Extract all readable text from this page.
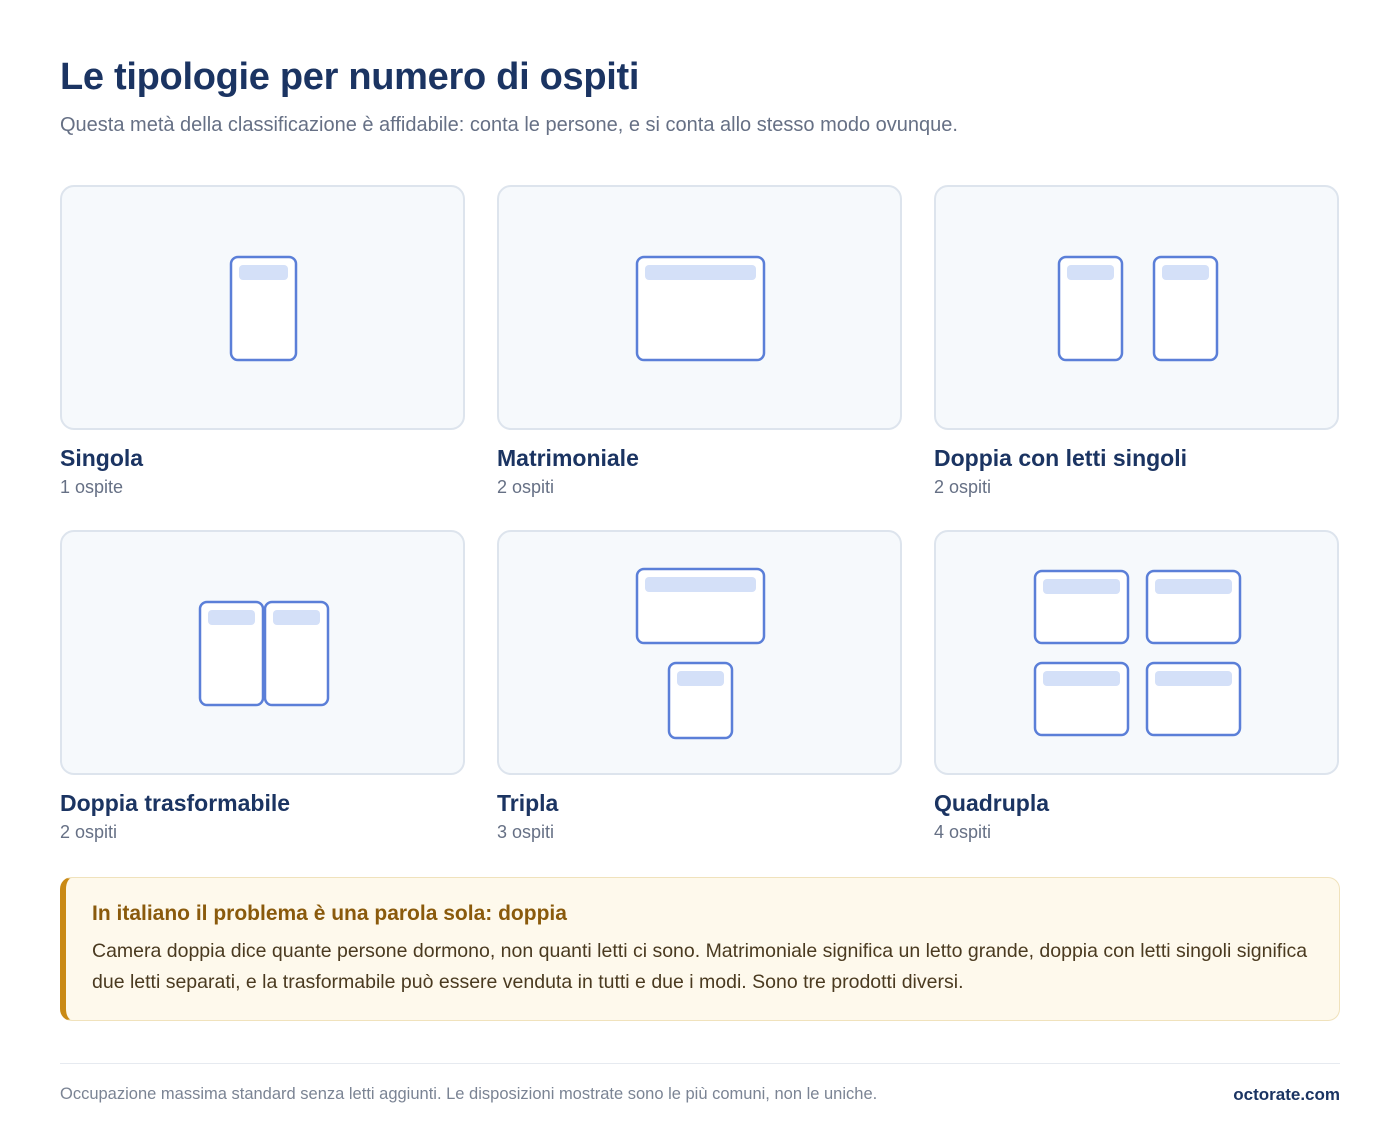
Le tipologie per numero di ospiti

Questa metà della classificazione è affidabile: conta le persone, e si conta allo stesso modo ovunque.

Singola
1 ospite
Matrimoniale
2 ospiti
Doppia con letti singoli
2 ospiti
Doppia trasformabile
2 ospiti
Tripla
3 ospiti
Quadrupla
4 ospiti
In italiano il problema è una parola sola: doppia
Camera doppia dice quante persone dormono, non quanti letti ci sono. Matrimoniale significa un letto grande, doppia con letti singoli significa due letti separati, e la trasformabile può essere venduta in tutti e due i modi. Sono tre prodotti diversi.
Occupazione massima standard senza letti aggiunti. Le disposizioni mostrate sono le più comuni, non le uniche.	octorate.com
